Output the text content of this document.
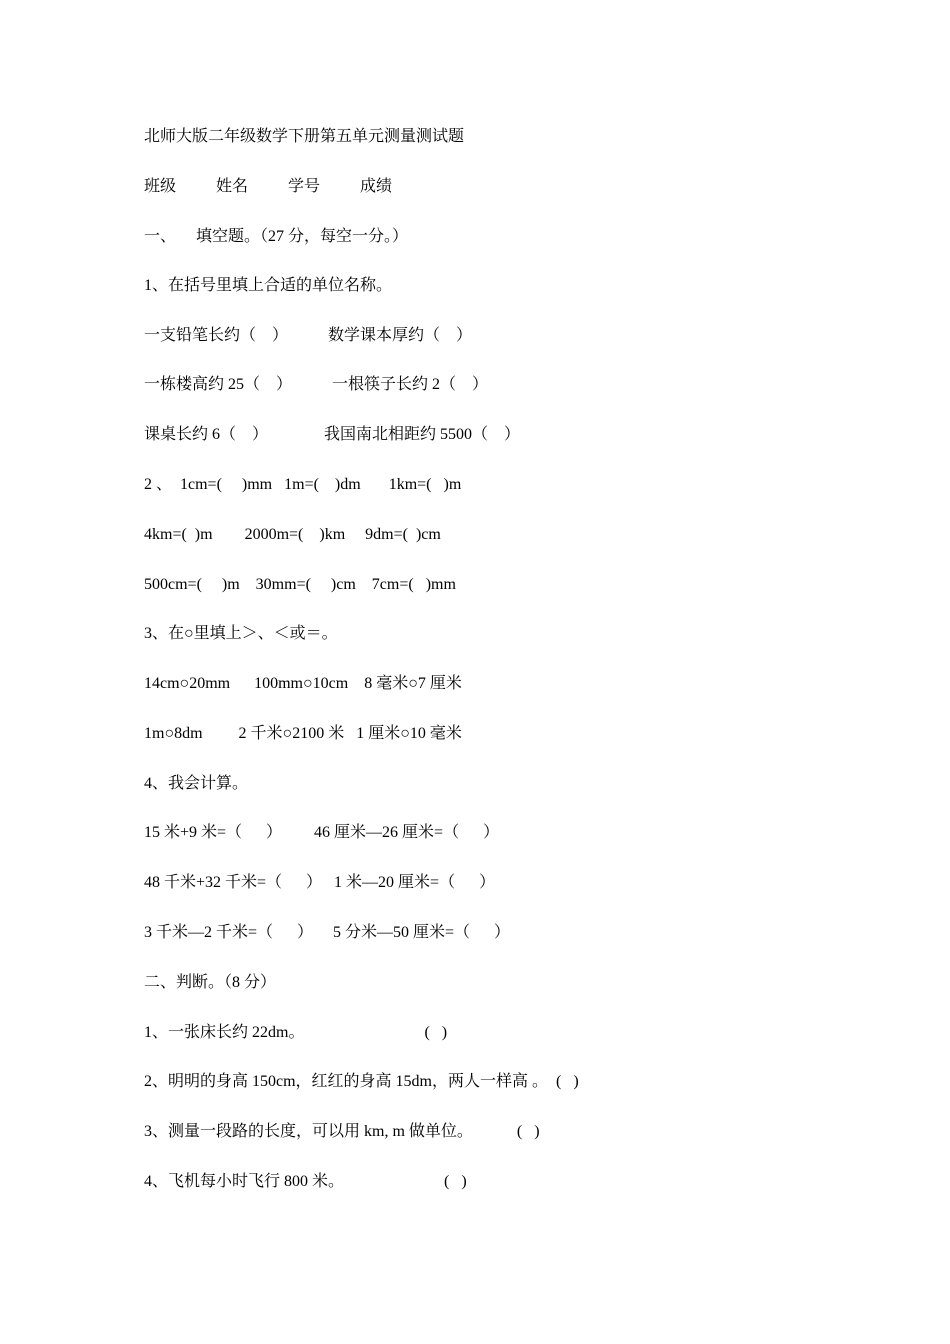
北师大版二年级数学下册第五单元测量测试题
班级          姓名          学号          成绩
一、     填空题。（27 分，每空一分。）
1、在括号里填上合适的单位名称。
一支铅笔长约（    ）          数学课本厚约（    ）
一栋楼高约 25（    ）          一根筷子长约 2（    ）
课桌长约 6（    ）              我国南北相距约 5500（    ）
2 、  1cm=(     )mm   1m=(    )dm       1km=(   )m
4km=(  )m        2000m=(    )km     9dm=(  )cm
500cm=(     )m    30mm=(     )cm    7cm=(   )mm
3、在○里填上＞、＜或＝。
14cm○20mm      100mm○10cm    8 毫米○7 厘米
1m○8dm         2 千米○2100 米   1 厘米○10 毫米
4、我会计算。
15 米+9 米=（      ）        46 厘米—26 厘米=（      ）
48 千米+32 千米=（      ）   1 米—20 厘米=（      ）
3 千米—2 千米=（      ）     5 分米—50 厘米=（      ）
二、判断。（8 分）
1、一张床长约 22dm。                              (   )
2、明明的身高 150cm，红红的身高 15dm，两人一样高 。  (   )
3、测量一段路的长度，可以用 km, m 做单位。           (   )
4、飞机每小时飞行 800 米。                         (   )
